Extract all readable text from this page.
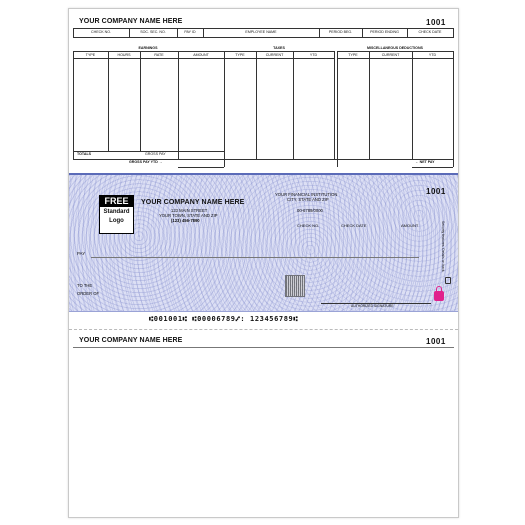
YOUR COMPANY NAME HERE	1001
CHECK NO.	SOC. SEC. NO.	PAY ID	EMPLOYEE NAME	PERIOD BEG.	PERIOD ENDING	CHECK DATE
EARNINGS	TAXES	MISCELLANEOUS DEDUCTIONS
TYPE	HOURS	RATE	AMOUNT	TYPE	CURRENT	YTD	TYPE	CURRENT	YTD
TOTALS	GROSS PAY
GROSS PAY YTD →	← NET PAY
FREE
Standard
Logo
YOUR COMPANY NAME HERE
123 MAIN STREET
YOUR TOWN, STATE AND ZIP
(123) 456-7890
YOUR FINANCIAL INSTITUTION
CITY, STATE AND ZIP
00-6789/0000
1001
CHECK NO.	CHECK DATE	AMOUNT
PAY
TO THE
ORDER OF
AUTHORIZED SIGNATURE
Security features. Details on back.
⑆001001⑆ ⑆00006789⑇: 123456789⑆
YOUR COMPANY NAME HERE	1001
